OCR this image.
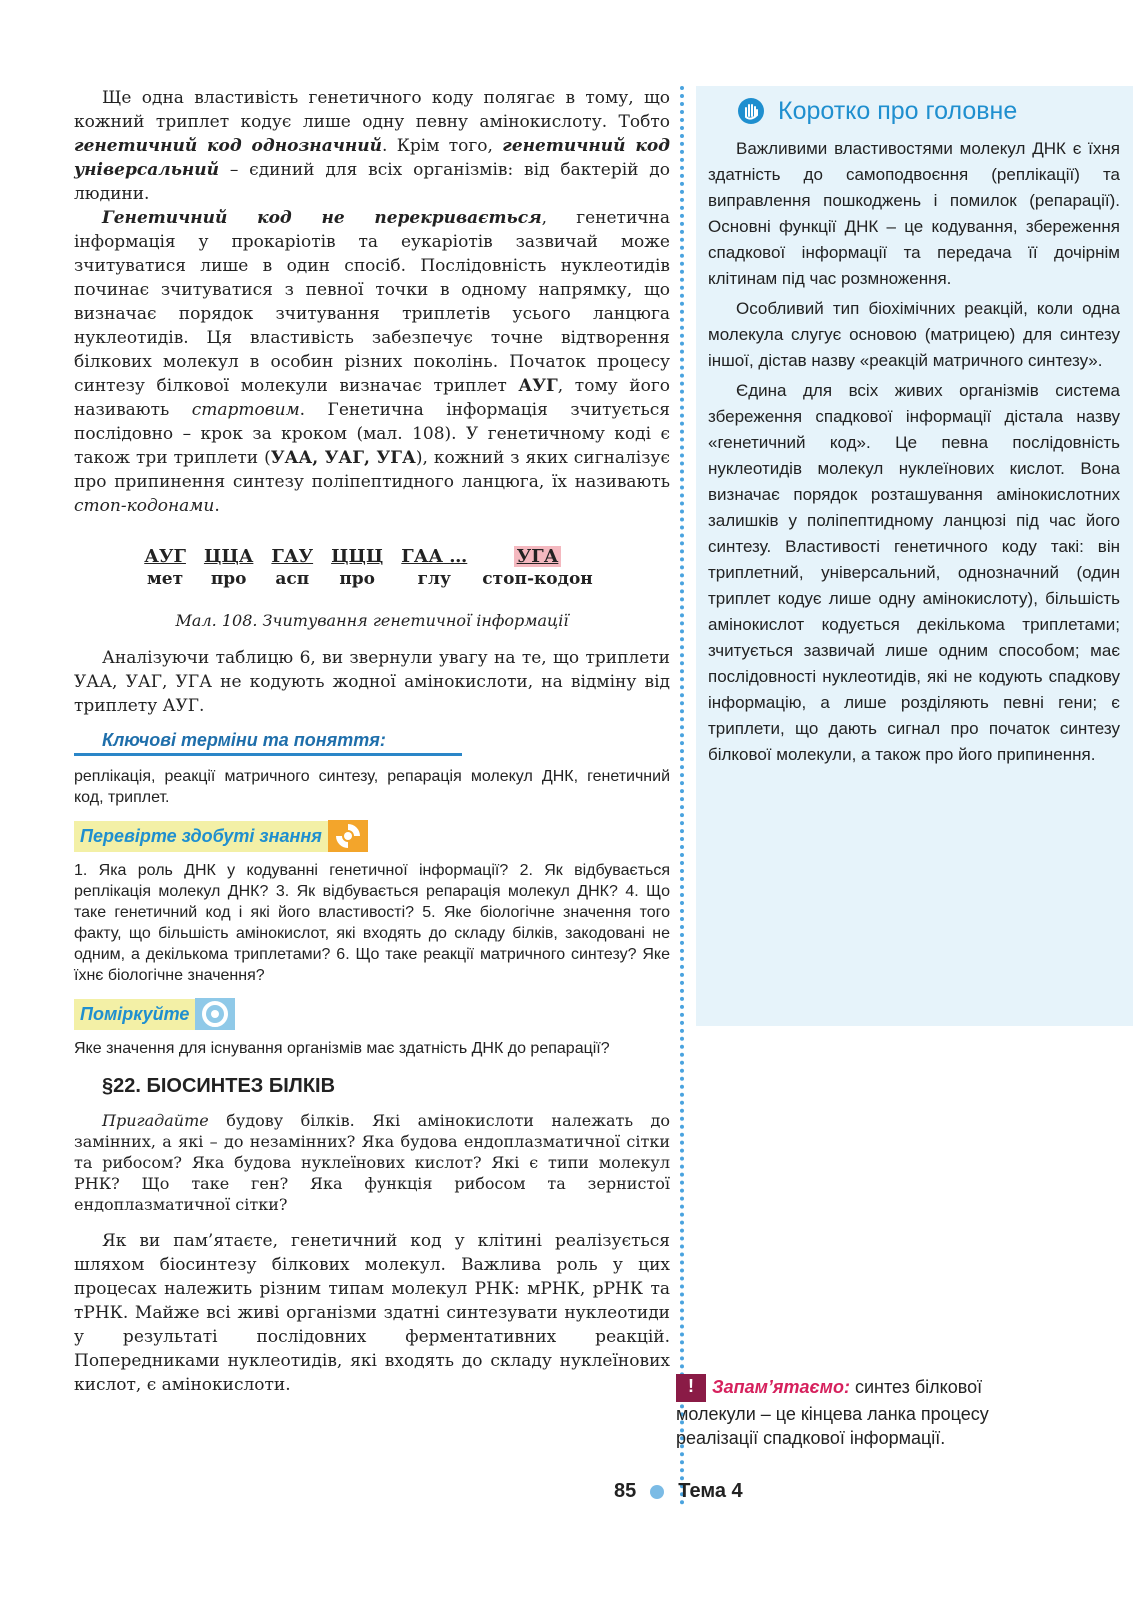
Ще одна властивість генетичного коду полягає в тому, що кожний триплет кодує лише одну певну амінокислоту. Тобто генетичний код однозначний. Крім того, генетичний код універсальний – єдиний для всіх організмів: від бактерій до людини.

Генетичний код не перекривається, генетична інформація у прокаріотів та еукаріотів зазвичай може зчитуватися лише в один спосіб. Послідовність нуклеотидів починає зчитуватися з певної точки в одному напрямку, що визначає порядок зчитування триплетів усього ланцюга нуклеотидів. Ця властивість забезпечує точне відтворення білкових молекул в особин різних поколінь. Початок процесу синтезу білкової молекули визначає триплет АУГ, тому його називають стартовим. Генетична інформація зчитується послідовно – крок за кроком (мал. 108). У генетичному коді є також три триплети (УАА, УАГ, УГА), кожний з яких сигналізує про припинення синтезу поліпептидного ланцюга, їх називають стоп-кодонами.

АУГ
мет
ЦЦА
про
ГАУ
асп
ЦЦЦ
про
ГАА …
глу
УГА
стоп-кодон
Мал. 108. Зчитування генетичної інформації

Аналізуючи таблицю 6, ви звернули увагу на те, що триплети УАА, УАГ, УГА не кодують жодної амінокислоти, на відміну від триплету АУГ.

Ключові терміни та поняття:
реплікація, реакції матричного синтезу, репарація молекул ДНК, генетичний код, триплет.
Перевірте здобуті знання
1. Яка роль ДНК у кодуванні генетичної інформації? 2. Як відбувається реплікація молекул ДНК? 3. Як відбувається репарація молекул ДНК? 4. Що таке генетичний код і які його властивості? 5. Яке біологічне значення того факту, що більшість амінокислот, які входять до складу білків, закодовані не одним, а декількома триплетами? 6. Що таке реакції матричного синтезу? Яке їхнє біологічне значення?
Поміркуйте
Яке значення для існування організмів має здатність ДНК до репарації?
§22. БІОСИНТЕЗ БІЛКІВ

Пригадайте будову білків. Які амінокислоти належать до замінних, а які – до незамінних? Яка будова ендоплазматичної сітки та рибосом? Яка будова нуклеїнових кислот? Які є типи молекул РНК? Що таке ген? Яка функція рибосом та зернистої ендоплазматичної сітки?

Як ви пам’ятаєте, генетичний код у клітині реалізується шляхом біосинтезу білкових молекул. Важлива роль у цих процесах належить різним типам молекул РНК: мРНК, рРНК та тРНК. Майже всі живі організми здатні синтезувати нуклеотиди у результаті послідовних ферментативних реакцій. Попередниками нуклеотидів, які входять до складу нуклеїнових кислот, є амінокислоти.

Коротко про головне

Важливими властивостями молекул ДНК є їхня здатність до самоподвоєння (реплікації) та виправлення пошкоджень і помилок (репарації). Основні функції ДНК – це кодування, збереження спадкової інформації та передача її дочірнім клітинам під час розмноження.

Особливий тип біохімічних реакцій, коли одна молекула слугує основою (матрицею) для синтезу іншої, дістав назву «реакцій матричного синтезу».

Єдина для всіх живих організмів система збереження спадкової інформації дістала назву «генетичний код». Це певна послідовність нуклеотидів молекул нуклеїнових кислот. Вона визначає порядок розташування амінокислотних залишків у поліпептидному ланцюзі під час його синтезу. Властивості генетичного коду такі: він триплетний, універсальний, однозначний (один триплет кодує лише одну амінокислоту), більшість амінокислот кодується декількома триплетами; зчитується зазвичай лише одним способом; має послідовності нуклеотидів, які не кодують спадкову інформацію, а лише розділяють певні гени; є триплети, що дають сигнал про початок синтезу білкової молекули, а також про його припинення.

! Запам’ятаємо: синтез білкової молекули – це кінцева ланка процесу реалізації спадкової інформації.
85 Тема 4
